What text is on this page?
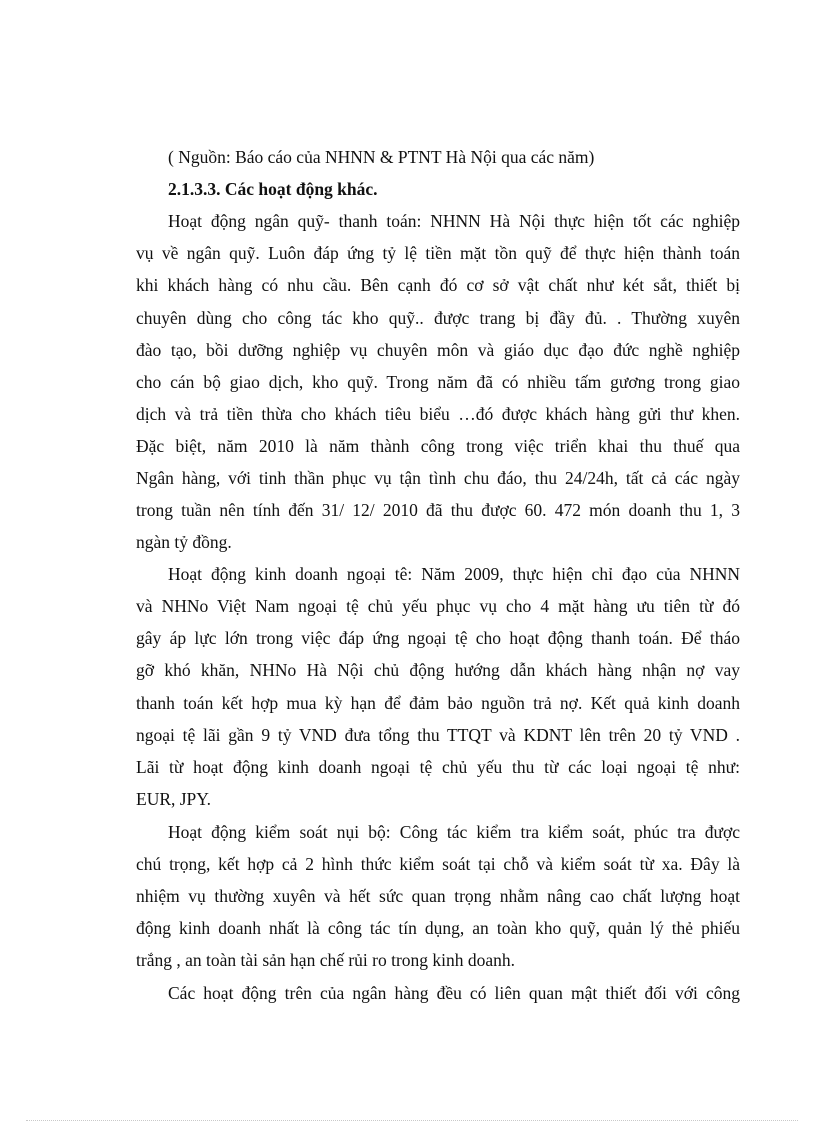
( Nguồn: Báo cáo của NHNN & PTNT Hà Nội qua các năm)
2.1.3.3. Các hoạt động khác.
Hoạt động ngân quỹ- thanh toán: NHNN Hà Nội thực hiện tốt các nghiệp
vụ về ngân quỹ. Luôn đáp ứng tỷ lệ tiền mặt tồn quỹ để thực hiện thành toán
khi khách hàng có nhu cầu. Bên cạnh đó cơ sở vật chất như két sắt, thiết bị
chuyên dùng cho công tác kho quỹ.. được trang bị đầy đủ. . Thường xuyên
đào tạo, bồi dưỡng nghiệp vụ chuyên môn và giáo dục đạo đức nghề nghiệp
cho cán bộ giao dịch, kho quỹ. Trong năm đã có nhiều tấm gương trong giao
dịch và trả tiền thừa cho khách tiêu biểu …đó được khách hàng gửi thư khen.
Đặc biệt, năm 2010 là năm thành công trong việc triển khai thu thuế qua
Ngân hàng, với tinh thần phục vụ tận tình chu đáo, thu 24/24h, tất cả các ngày
trong tuần nên tính đến 31/ 12/ 2010 đã thu được 60. 472 món doanh thu 1, 3
ngàn tỷ đồng.
Hoạt động kinh doanh ngoại tê: Năm 2009, thực hiện chỉ đạo của NHNN
và NHNo Việt Nam ngoại tệ chủ yếu phục vụ cho 4 mặt hàng ưu tiên từ đó
gây áp lực lớn trong việc đáp ứng ngoại tệ cho hoạt động thanh toán. Để tháo
gỡ khó khăn, NHNo Hà Nội chủ động hướng dẫn khách hàng nhận nợ vay
thanh toán kết hợp mua kỳ hạn để đảm bảo nguồn trả nợ. Kết quả kinh doanh
ngoại tệ lãi gần 9 tỷ VND đưa tổng thu TTQT và KDNT lên trên 20 tỷ VND .
Lãi từ hoạt động kinh doanh ngoại tệ chủ yếu thu từ các loại ngoại tệ như:
EUR, JPY.
Hoạt động kiểm soát nụi bộ: Công tác kiểm tra kiểm soát, phúc tra được
chú trọng, kết hợp cả 2 hình thức kiểm soát tại chỗ và kiểm soát từ xa. Đây là
nhiệm vụ thường xuyên và hết sức quan trọng nhằm nâng cao chất lượng hoạt
động kinh doanh nhất là công tác tín dụng, an toàn kho quỹ, quản lý thẻ phiếu
trắng , an toàn tài sản hạn chế rủi ro trong kinh doanh.
Các hoạt động trên của ngân hàng đều có liên quan mật thiết đối với công
